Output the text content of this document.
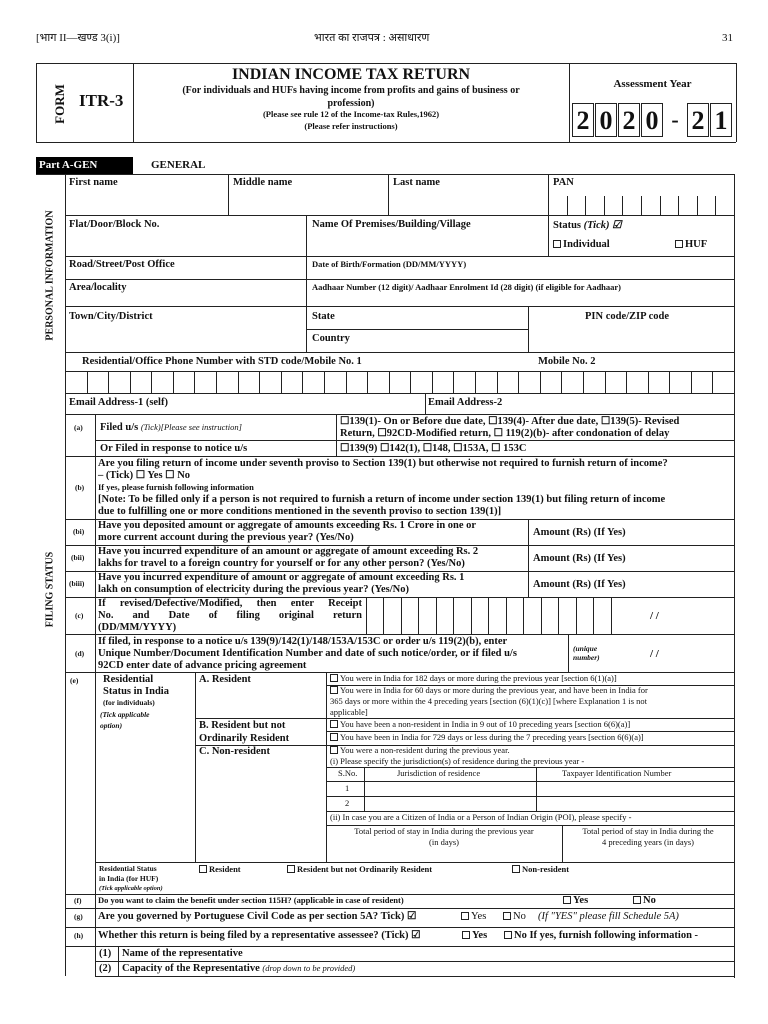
[भाग II—खण्ड 3(i)]	भारत का राजपत्र : असाधारण	31
FORM ITR-3
INDIAN INCOME TAX RETURN
(For individuals and HUFs having income from profits and gains of business or
profession)
(Please see rule 12 of the Income-tax Rules,1962)
(Please refer instructions)
Assessment Year
2 0 2 0 - 2 1
Part A-GEN	GENERAL
PERSONAL INFORMATION
FILING STATUS
First name	Middle name	Last name	PAN
Flat/Door/Block No.	Name Of Premises/Building/Village	Status (Tick) ☑
Individual	HUF
Road/Street/Post Office	Date of Birth/Formation (DD/MM/YYYY)
Area/locality	Aadhaar Number (12 digit)/ Aadhaar Enrolment Id (28 digit) (if eligible for Aadhaar)
Town/City/District	State	PIN code/ZIP code
Country
Residential/Office Phone Number with STD code/Mobile No. 1	Mobile No. 2
Email Address-1 (self)	Email Address-2
(a) Filed u/s (Tick)[Please see instruction]	☐139(1)- On or Before due date, ☐139(4)- After due date, ☐139(5)- Revised
Return, ☐92CD-Modified return, ☐ 119(2)(b)- after condonation of delay
Or Filed in response to notice u/s	☐139(9) ☐142(1), ☐148, ☐153A, ☐ 153C
(b)
Are you filing return of income under seventh proviso to Section 139(1) but otherwise not required to furnish return of income?
– (Tick) ☐ Yes ☐ No
If yes, please furnish following information
[Note: To be filled only if a person is not required to furnish a return of income under section 139(1) but filing return of income
due to fulfilling one or more conditions mentioned in the seventh proviso to section 139(1)]
(bi)
Have you deposited amount or aggregate of amounts exceeding Rs. 1 Crore in one or
more current account during the previous year? (Yes/No)	Amount (Rs) (If Yes)
(bii)
Have you incurred expenditure of an amount or aggregate of amount exceeding Rs. 2
lakhs for travel to a foreign country for yourself or for any other person? (Yes/No)	Amount (Rs) (If Yes)
(biii)
Have you incurred expenditure of amount or aggregate of amount exceeding Rs. 1
lakh on consumption of electricity during the previous year? (Yes/No)	Amount (Rs) (If Yes)
(c)
If revised/Defective/Modified, then enter Receipt
No. and Date of filing original return
(DD/MM/YYYY)
/ /
(d)
If filed, in response to a notice u/s 139(9)/142(1)/148/153A/153C or order u/s 119(2)(b), enter
Unique Number/Document Identification Number and date of such notice/order, or if filed u/s
92CD enter date of advance pricing agreement
(unique number)	/ /
(e) Residential
Status in India
(for individuals)
(Tick applicable
option)
A. Resident	You were in India for 182 days or more during the previous year [section 6(1)(a)]
You were in India for 60 days or more during the previous year, and have been in India for
365 days or more within the 4 preceding years [section (6)(1)(c)] [where Explanation 1 is not
applicable]
B. Resident but not
Ordinarily Resident
You have been a non-resident in India in 9 out of 10 preceding years [section 6(6)(a)]
You have been in India for 729 days or less during the 7 preceding years [section 6(6)(a)]
C. Non-resident	You were a non-resident during the previous year.
(i) Please specify the jurisdiction(s) of residence during the previous year -
S.No.	Jurisdiction of residence	Taxpayer Identification Number
1
2
(ii) In case you are a Citizen of India or a Person of Indian Origin (POI), please specify -
Total period of stay in India during the previous year
(in days)
Total period of stay in India during the
4 preceding years (in days)
Residential Status
in India (for HUF)
(Tick applicable option)
Resident	Resident but not Ordinarily Resident	Non-resident
(f) Do you want to claim the benefit under section 115H? (applicable in case of resident)	Yes	No
(g) Are you governed by Portuguese Civil Code as per section 5A? Tick) ☑	Yes	No (If "YES" please fill Schedule 5A)
(h) Whether this return is being filed by a representative assessee? (Tick) ☑	Yes	No If yes, furnish following information -
(1) Name of the representative
(2) Capacity of the Representative (drop down to be provided)
